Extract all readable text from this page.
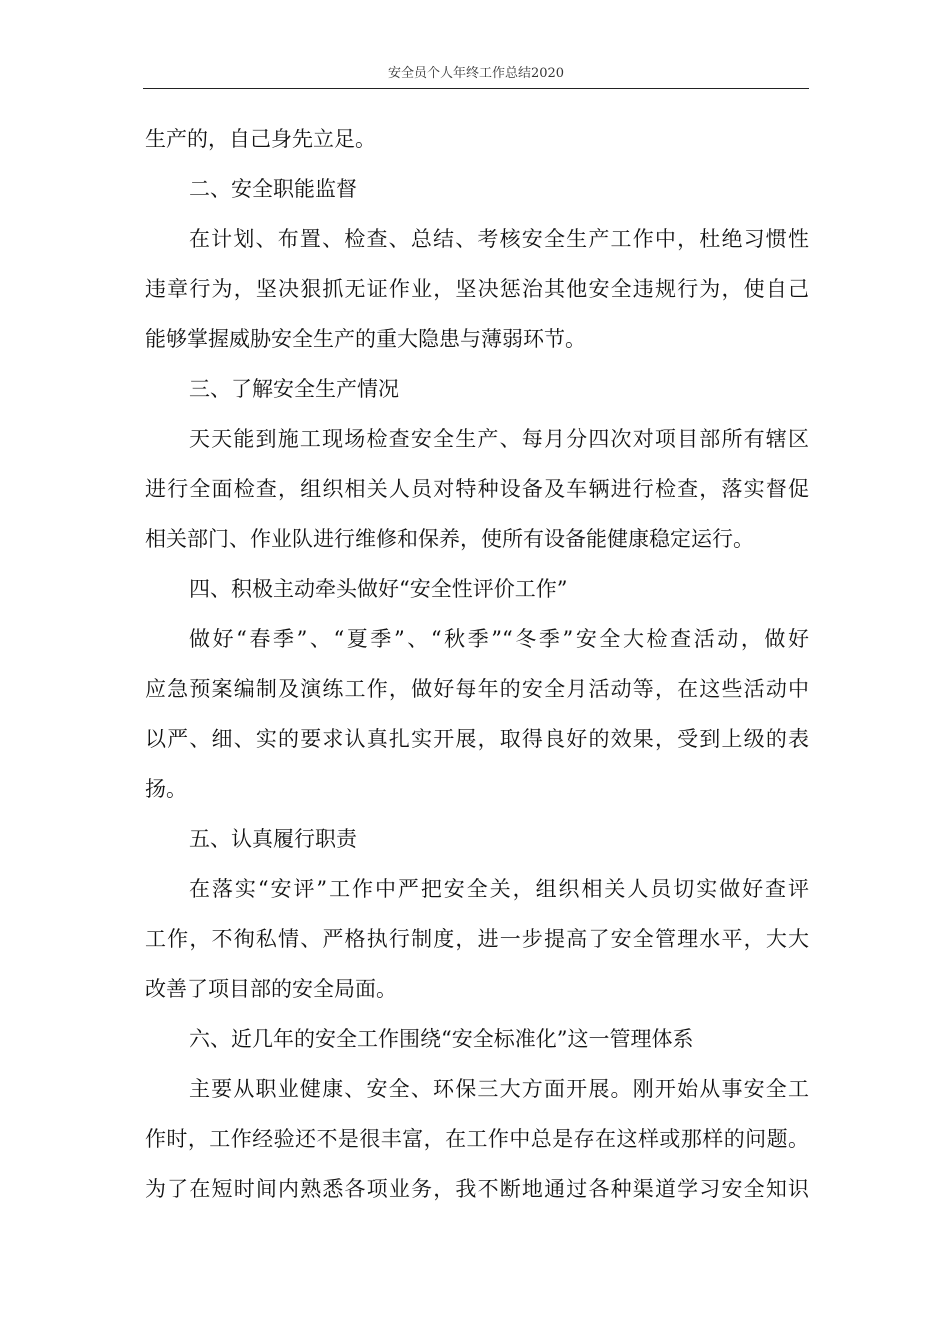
安全员个人年终工作总结2020
生产的，自己身先立足。
二、安全职能监督
在计划、布置、检查、总结、考核安全生产工作中，杜绝习惯性
违章行为，坚决狠抓无证作业，坚决惩治其他安全违规行为，使自己
能够掌握威胁安全生产的重大隐患与薄弱环节。
三、了解安全生产情况
天天能到施工现场检查安全生产、每月分四次对项目部所有辖区
进行全面检查，组织相关人员对特种设备及车辆进行检查，落实督促
相关部门、作业队进行维修和保养，使所有设备能健康稳定运行。
四、积极主动牵头做好“安全性评价工作”
做好“春季”、“夏季”、“秋季”“冬季”安全大检查活动，做好
应急预案编制及演练工作，做好每年的安全月活动等，在这些活动中
以严、细、实的要求认真扎实开展，取得良好的效果，受到上级的表
扬。
五、认真履行职责
在落实“安评”工作中严把安全关，组织相关人员切实做好查评
工作，不徇私情、严格执行制度，进一步提高了安全管理水平，大大
改善了项目部的安全局面。
六、近几年的安全工作围绕“安全标准化”这一管理体系
主要从职业健康、安全、环保三大方面开展。刚开始从事安全工
作时，工作经验还不是很丰富，在工作中总是存在这样或那样的问题。
为了在短时间内熟悉各项业务，我不断地通过各种渠道学习安全知识
